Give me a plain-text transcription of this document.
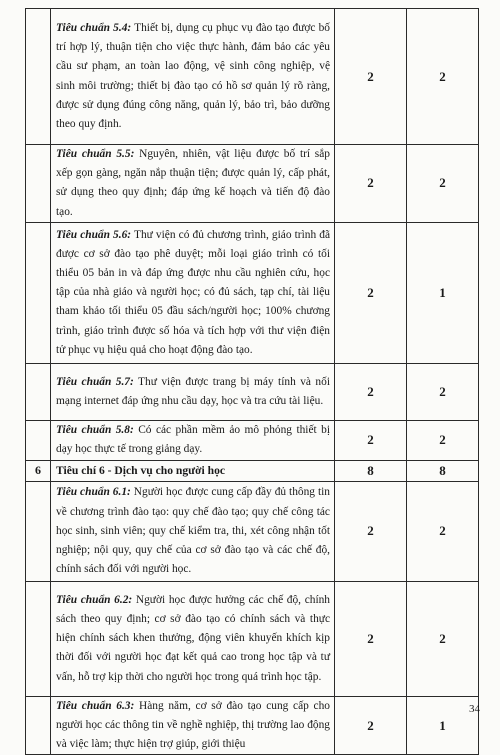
	Tiêu chuẩn 5.4: Thiết bị, dụng cụ phục vụ đào tạo được bố trí hợp lý, thuận tiện cho việc thực hành, đảm bảo các yêu cầu sư phạm, an toàn lao động, vệ sinh công nghiệp, vệ sinh môi trường; thiết bị đào tạo có hồ sơ quản lý rõ ràng, được sử dụng đúng công năng, quản lý, bảo trì, bảo dưỡng theo quy định.	2	2

	Tiêu chuẩn 5.5: Nguyên, nhiên, vật liệu được bố trí sắp xếp gọn gàng, ngăn nắp thuận tiện; được quản lý, cấp phát, sử dụng theo quy định; đáp ứng kế hoạch và tiến độ đào tạo.	2	2

	Tiêu chuẩn 5.6: Thư viện có đủ chương trình, giáo trình đã được cơ sở đào tạo phê duyệt; mỗi loại giáo trình có tối thiểu 05 bản in và đáp ứng được nhu cầu nghiên cứu, học tập của nhà giáo và người học; có đủ sách, tạp chí, tài liệu tham khảo tối thiểu 05 đầu sách/người học; 100% chương trình, giáo trình được số hóa và tích hợp với thư viện điện tử phục vụ hiệu quả cho hoạt động đào tạo.	2	1

	Tiêu chuẩn 5.7: Thư viện được trang bị máy tính và nối mạng internet đáp ứng nhu cầu dạy, học và tra cứu tài liệu.	2	2

	Tiêu chuẩn 5.8: Có các phần mềm ảo mô phỏng thiết bị dạy học thực tế trong giảng dạy.	2	2
6	Tiêu chí 6 - Dịch vụ cho người học	8	8

	Tiêu chuẩn 6.1: Người học được cung cấp đầy đủ thông tin về chương trình đào tạo: quy chế đào tạo; quy chế công tác học sinh, sinh viên; quy chế kiểm tra, thi, xét công nhận tốt nghiệp; nội quy, quy chế của cơ sở đào tạo và các chế độ, chính sách đối với người học.	2	2

	Tiêu chuẩn 6.2: Người học được hưởng các chế độ, chính sách theo quy định; cơ sở đào tạo có chính sách và thực hiện chính sách khen thưởng, động viên khuyến khích kịp thời đối với người học đạt kết quả cao trong học tập và tư vấn, hỗ trợ kịp thời cho người học trong quá trình học tập.	2	2

	Tiêu chuẩn 6.3: Hàng năm, cơ sở đào tạo cung cấp cho người học các thông tin về nghề nghiệp, thị trường lao động và việc làm; thực hiện trợ giúp, giới thiệu	2	1
34
